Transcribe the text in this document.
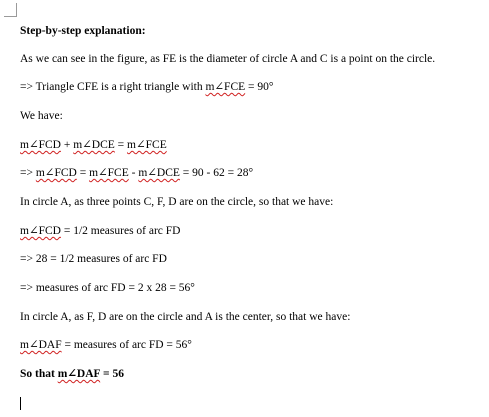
Step-by-step explanation:
As we can see in the figure, as FE is the diameter of circle A and C is a point on the circle.
=> Triangle CFE is a right triangle with m∠FCE = 90°
We have:
m∠FCD + m∠DCE = m∠FCE
=> m∠FCD = m∠FCE - m∠DCE = 90 - 62 = 28°
In circle A, as three points C, F, D are on the circle, so that we have:
m∠FCD = 1/2 measures of arc FD
=> 28 = 1/2 measures of arc FD
=> measures of arc FD = 2 x 28 = 56°
In circle A, as F, D are on the circle and A is the center, so that we have:
m∠DAF = measures of arc FD = 56°
So that m∠DAF = 56
